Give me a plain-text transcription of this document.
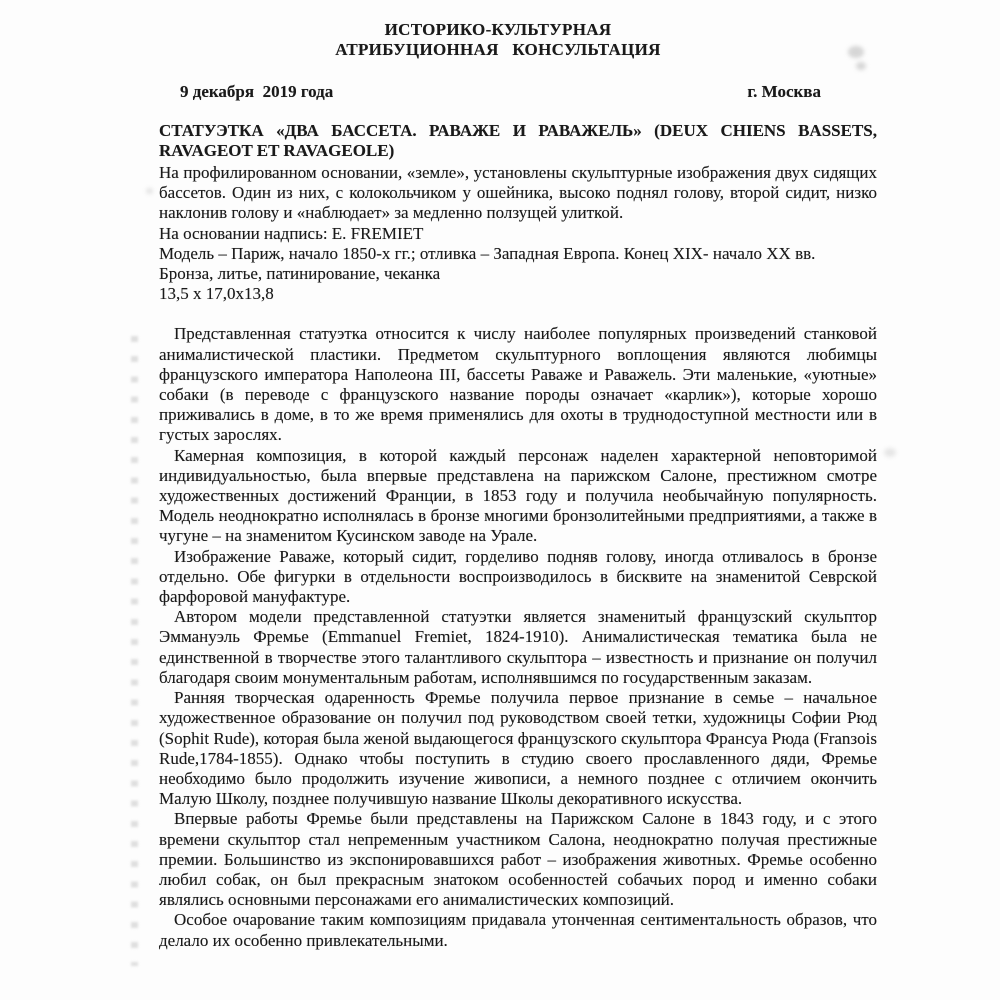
ИСТОРИКО-КУЛЬТУРНАЯ
АТРИБУЦИОННАЯ   КОНСУЛЬТАЦИЯ
9 декабря  2019 года	г. Москва
СТАТУЭТКА «ДВА БАССЕТА. РАВАЖЕ И РАВАЖЕЛЬ» (DEUX CHIENS BASSETS,
RAVAGEOT ET RAVAGEOLE)

На профилированном основании, «земле», установлены скульптурные изображения двух сидящих бассетов. Один из них, с колокольчиком у ошейника, высоко поднял голову, второй сидит, низко наклонив голову и «наблюдает» за медленно ползущей улиткой.

На основании надпись: E. FREMIET

Модель – Париж, начало 1850-х гг.; отливка – Западная Европа. Конец XIX- начало XX вв.

Бронза, литье, патинирование, чеканка

13,5 х 17,0х13,8

Представленная статуэтка относится к числу наиболее популярных произведений станковой анималистической пластики. Предметом скульптурного воплощения являются любимцы французского императора Наполеона III, бассеты Раваже и Раважель. Эти маленькие, «уютные» собаки (в переводе с французского название породы означает «карлик»), которые хорошо приживались в доме, в то же время применялись для охоты в труднодоступной местности или в густых зарослях.

Камерная композиция, в которой каждый персонаж наделен характерной неповторимой индивидуальностью, была впервые представлена на парижском Салоне, престижном смотре художественных достижений Франции, в 1853 году и получила необычайную популярность. Модель неоднократно исполнялась в бронзе многими бронзолитейными предприятиями, а также в чугуне – на знаменитом Кусинском заводе на Урале.

Изображение Раваже, который сидит, горделиво подняв голову, иногда отливалось в бронзе отдельно. Обе фигурки в отдельности воспроизводилось в бисквите на знаменитой Севрской фарфоровой мануфактуре.

Автором модели представленной статуэтки является знаменитый французский скульптор Эммануэль Фремье (Emmanuel Fremiet, 1824-1910). Анималистическая тематика была не единственной в творчестве этого талантливого скульптора – известность и признание он получил благодаря своим монументальным работам, исполнявшимся по государственным заказам.

Ранняя творческая одаренность Фремье получила первое признание в семье – начальное художественное образование он получил под руководством своей тетки, художницы Софии Рюд (Sophit Rude), которая была женой выдающегося французского скульптора Франсуа Рюда (Franзois Rude,1784-1855). Однако чтобы поступить в студию своего прославленного дяди, Фремье необходимо было продолжить изучение живописи, а немного позднее с отличием окончить Малую Школу, позднее получившую название Школы декоративного искусства.

Впервые работы Фремье были представлены на Парижском Салоне в 1843 году, и с этого времени скульптор стал непременным участником Салона, неоднократно получая престижные премии. Большинство из экспонировавшихся работ – изображения животных. Фремье особенно любил собак, он был прекрасным знатоком особенностей собачьих пород и именно собаки являлись основными персонажами его анималистических композиций.

Особое очарование таким композициям придавала утонченная сентиментальность образов, что делало их особенно привлекательными.
